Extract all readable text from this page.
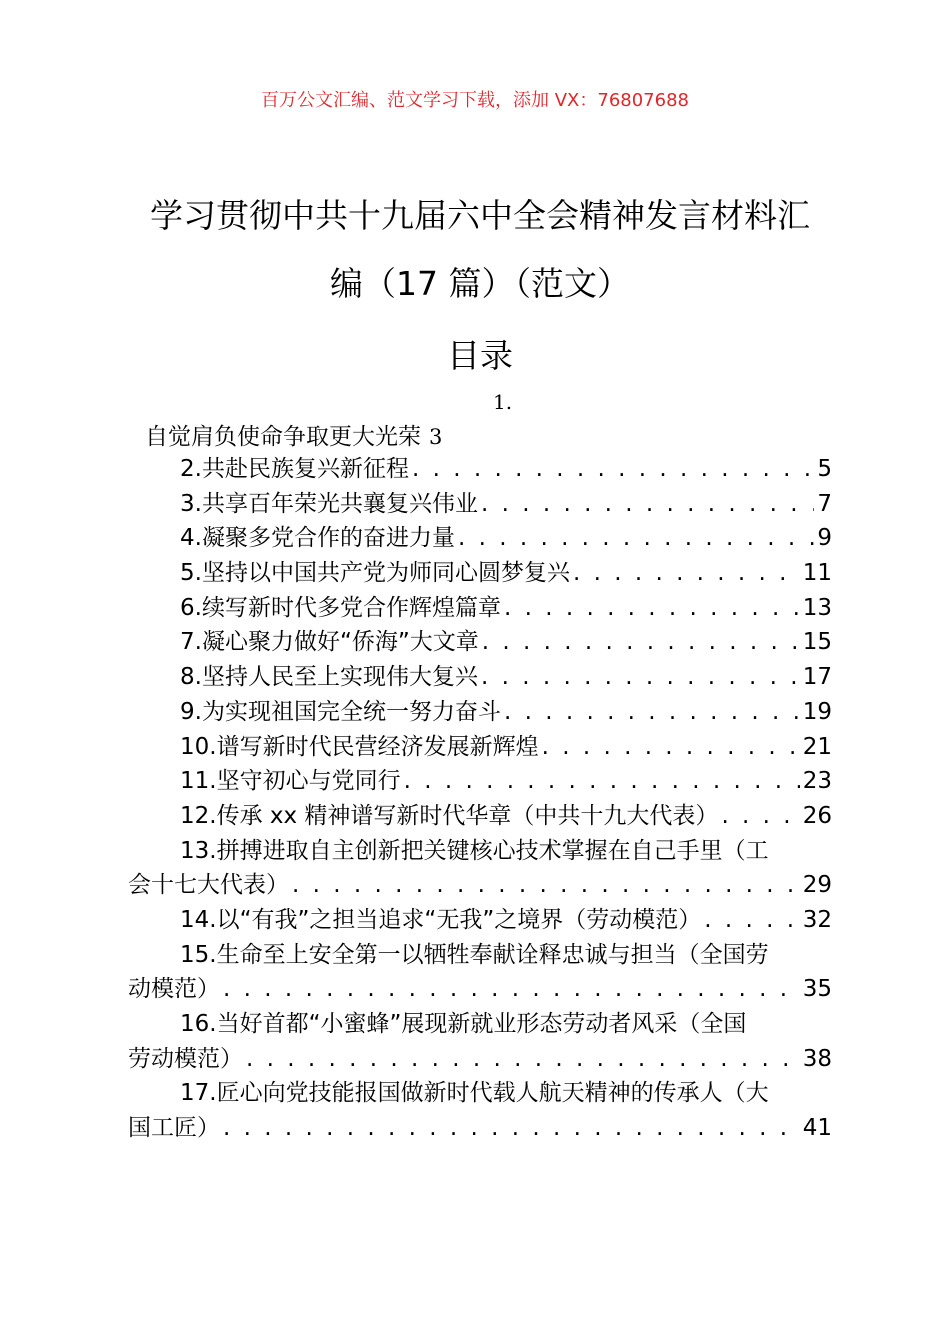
百万公文汇编、范文学习下载，添加 VX：76807688
学习贯彻中共十九届六中全会精神发言材料汇
编（17 篇）（范文）
目录
1.
自觉肩负使命争取更大光荣 3
2.共赴民族复兴新征程 . . .	5
3.共享百年荣光共襄复兴伟业 . . .	7
4.凝聚多党合作的奋进力量 . . .	9
5.坚持以中国共产党为师同心圆梦复兴 . . .	11
6.续写新时代多党合作辉煌篇章 . . .	13
7.凝心聚力做好“侨海”大文章 . . .	15
8.坚持人民至上实现伟大复兴 . . .	17
9.为实现祖国完全统一努力奋斗 . . .	19
10.谱写新时代民营经济发展新辉煌 . . .	21
11.坚守初心与党同行 . . .	23
12.传承 xx 精神谱写新时代华章（中共十九大代表） . . .	26
13.拼搏进取自主创新把关键核心技术掌握在自己手里（工
会十七大代表） . . .	29
14.以“有我”之担当追求“无我”之境界（劳动模范） . . .	32
15.生命至上安全第一以牺牲奉献诠释忠诚与担当（全国劳
动模范） . . .	35
16.当好首都“小蜜蜂”展现新就业形态劳动者风采（全国
劳动模范） . . .	38
17.匠心向党技能报国做新时代载人航天精神的传承人（大
国工匠） . . .	41
